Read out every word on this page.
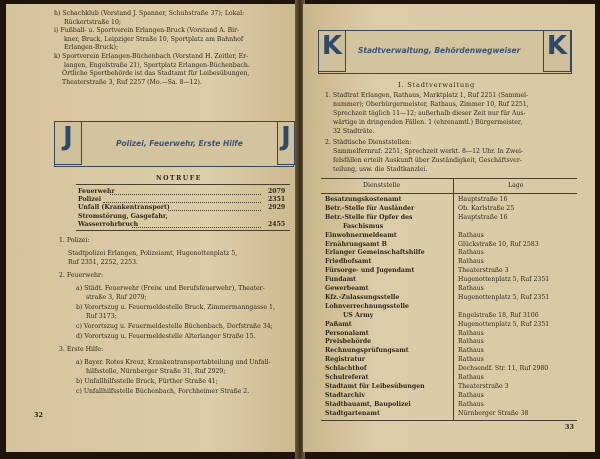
h) Schachklub (Vorstand J. Spanner, Schuhstraße 37); Lokal:
Rückertstraße 10;
i) Fußball- u. Sportverein Erlangen-Bruck (Vorstand A. Bir-
kner, Bruck, Leipziger Straße 10, Sportplatz am Bahnhof
Erlangen-Bruck);
k) Sportverein Erlangen-Büchenbach (Vorstand H. Zeitler, Er-
langen, Engelstraße 21), Sportplatz Erlangen-Büchenbach.
Örtliche Sportbehörde ist das Stadtamt für Leibesübungen,
Theaterstraße 3, Ruf 2257 (Mo.—Sa. 8—12).
J	J
Polizei, Feuerwehr, Erste Hilfe
NOTRUFE
Feuerwehr	2079
Polizei	2351
Unfall (Krankentransport)	2929
Stromstörung, Gasgefahr,
Wasserrohrbruch	2455
1. Polizei:
Stadtpolizei Erlangen, Polizeiamt, Hugenottenplatz 5,
Ruf 2351, 2252, 2253.
2. Feuerwehr:
a) Städt. Feuerwehr (Freiw. und Berufsfeuerwehr), Theater-
straße 3, Ruf 2079;
b) Vorortszug u. Feuermeldestelle Bruck, Zimmermanngasse 1,
Ruf 3173;
c) Vorortszug u. Feuermeldestelle Büchenbach, Dorfstraße 34;
d) Vorortszug u. Feuermeldestelle Alterlanger Straße 15.
3. Erste Hilfe:
a) Bayer. Rotes Kreuz, Krankentransportabteilung und Unfall-
hilfsstelle, Nürnberger Straße 31, Ruf 2929;
b) Unfallhilfsstelle Bruck, Fürther Straße 41;
c) Unfallhilfsstelle Büchenbach, Forchheimer Straße 2.
32
K	K
Stadtverwaltung, Behördenwegweiser
I. Stadtverwaltung
1. Stadtrat Erlangen, Rathaus, Marktplatz 1, Ruf 2251 (Sammel-
nummer); Oberbürgermeister, Rathaus, Zimmer 10, Ruf 2251,
Sprechzeit täglich 11—12; außerhalb dieser Zeit nur für Aus-
wärtige in dringenden Fällen. 1 (ehrenamtl.) Bürgermeister,
32 Stadträte.
2. Städtische Dienststellen:
Sammelfernruf: 2251; Sprechzeit werkt. 8—12 Uhr. In Zwei-
felsfällen erteilt Auskunft über Zuständigkeit, Geschäftsver-
teilung, usw. die Stadtkanzlei.
Dienststelle	Lage
Besatzungskostenamt	Hauptstraße 16
Betr.-Stelle für Ausländer	Ob. Karlstraße 25
Betr.-Stelle für Opfer des	Hauptstraße 16
Faschismus
Einwohnermeldeamt	Rathaus
Ernährungsamt B	Glückstraße 10, Ruf 2583
Erlanger Gemeinschaftshilfe	Rathaus
Friedhofsamt	Rathaus
Fürsorge- und Jugendamt	Theaterstraße 3
Fundamt	Hugenottenplatz 5, Ruf 2351
Gewerbeamt	Rathaus
Kfz.-Zulassungsstelle	Hugenottenplatz 5, Ruf 2351
Lohnverrechnungsstelle
US Army	Engelstraße 18, Ruf 3106
Paßamt	Hugenottenplatz 5, Ruf 2351
Personalamt	Rathaus
Preisbehörde	Rathaus
Rechnungsprüfungsamt	Rathaus
Registratur	Rathaus
Schlachthof	Dechsendf. Str. 11, Ruf 2980
Schulreferat	Rathaus
Stadtamt für Leibesübungen	Theaterstraße 3
Stadtarchiv	Rathaus
Stadtbauamt, Baupolizei	Rathaus
Stadtgartenamt	Nürnberger Straße 38
33
